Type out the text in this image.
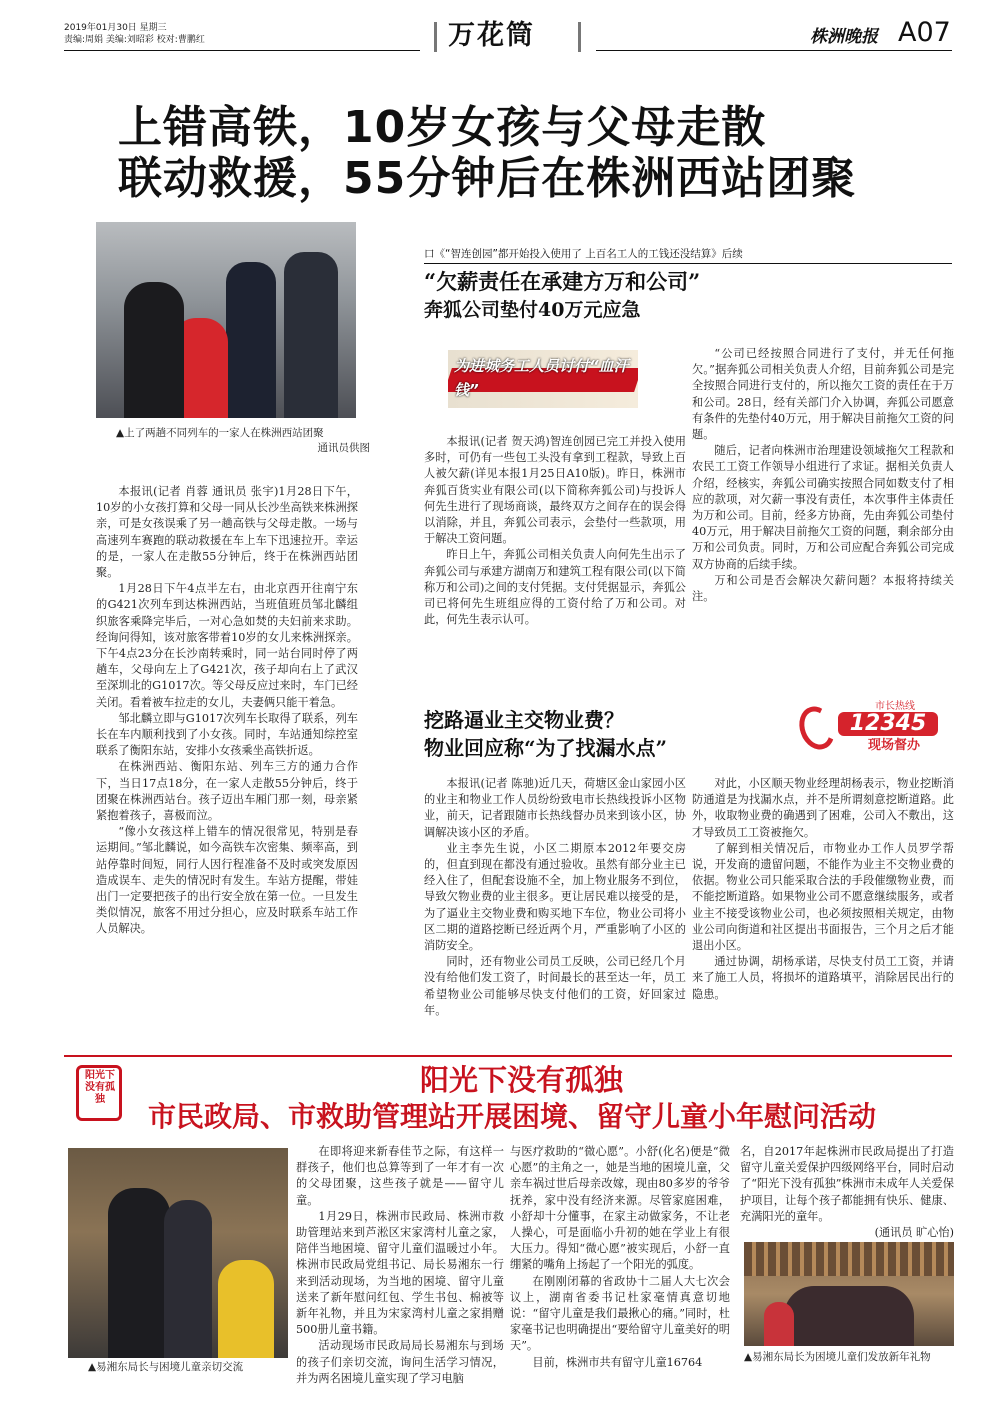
2019年01月30日 星期三
责编:周娟 美编:刘昭彩 校对:曹鹏红	万花筒	株洲晚报 A07
上错高铁，10岁女孩与父母走散
联动救援，55分钟后在株洲西站团聚
▲上了两趟不同列车的一家人在株洲西站团聚
通讯员供图

本报讯(记者 肖蓉 通讯员 张宇)1月28日下午，10岁的小女孩打算和父母一同从长沙坐高铁来株洲探亲，可是女孩误乘了另一趟高铁与父母走散。一场与高速列车赛跑的联动救援在车上车下迅速拉开。幸运的是，一家人在走散55分钟后，终于在株洲西站团聚。

1月28日下午4点半左右，由北京西开往南宁东的G421次列车到达株洲西站，当班值班员邹北麟组织旅客乘降完毕后，一对心急如焚的夫妇前来求助。经询问得知，该对旅客带着10岁的女儿来株洲探亲。下午4点23分在长沙南转乘时，同一站台同时停了两趟车，父母向左上了G421次，孩子却向右上了武汉至深圳北的G1017次。等父母反应过来时，车门已经关闭。看着被车拉走的女儿，夫妻俩只能干着急。

邹北麟立即与G1017次列车长取得了联系，列车长在车内顺利找到了小女孩。同时，车站通知综控室联系了衡阳东站，安排小女孩乘坐高铁折返。

在株洲西站、衡阳东站、列车三方的通力合作下，当日17点18分，在一家人走散55分钟后，终于团聚在株洲西站台。孩子迈出车厢门那一刻，母亲紧紧抱着孩子，喜极而泣。

“像小女孩这样上错车的情况很常见，特别是春运期间。”邹北麟说，如今高铁车次密集、频率高，到站停靠时间短，同行人因行程准备不及时或突发原因造成误车、走失的情况时有发生。车站方提醒，带娃出门一定要把孩子的出行安全放在第一位。一旦发生类似情况，旅客不用过分担心，应及时联系车站工作人员解决。

口《“智连创园”都开始投入使用了 上百名工人的工钱还没结算》后续
“欠薪责任在承建方万和公司”
奔狐公司垫付40万元应急
为进城务工人员讨付“血汗钱”

本报讯(记者 贺天鸿)智连创园已完工并投入使用多时，可仍有一些包工头没有拿到工程款，导致上百人被欠薪(详见本报1月25日A10版)。昨日，株洲市奔狐百货实业有限公司(以下简称奔狐公司)与投诉人何先生进行了现场商谈，最终双方之间存在的误会得以消除，并且，奔狐公司表示，会垫付一些款项，用于解决工资问题。

昨日上午，奔狐公司相关负责人向何先生出示了奔狐公司与承建方湖南万和建筑工程有限公司(以下简称万和公司)之间的支付凭据。支付凭据显示，奔狐公司已将何先生班组应得的工资付给了万和公司。对此，何先生表示认可。

“公司已经按照合同进行了支付，并无任何拖欠。”据奔狐公司相关负责人介绍，目前奔狐公司是完全按照合同进行支付的，所以拖欠工资的责任在于万和公司。28日，经有关部门介入协调，奔狐公司愿意有条件的先垫付40万元，用于解决目前拖欠工资的问题。

随后，记者向株洲市治理建设领域拖欠工程款和农民工工资工作领导小组进行了求证。据相关负责人介绍，经核实，奔狐公司确实按照合同如数支付了相应的款项，对欠薪一事没有责任，本次事件主体责任为万和公司。目前，经多方协商，先由奔狐公司垫付40万元，用于解决目前拖欠工资的问题，剩余部分由万和公司负责。同时，万和公司应配合奔狐公司完成双方协商的后续手续。

万和公司是否会解决欠薪问题？本报将持续关注。

挖路逼业主交物业费？
物业回应称“为了找漏水点”
市长热线
12345
现场督办

本报讯(记者 陈驰)近几天，荷塘区金山家园小区的业主和物业工作人员纷纷致电市长热线投诉小区物业，前天，记者跟随市长热线督办员来到该小区，协调解决该小区的矛盾。

业主李先生说，小区二期原本2012年要交房的，但直到现在都没有通过验收。虽然有部分业主已经入住了，但配套设施不全，加上物业服务不到位，导致欠物业费的业主很多。更让居民难以接受的是，为了逼业主交物业费和购买地下车位，物业公司将小区二期的道路挖断已经近两个月，严重影响了小区的消防安全。

同时，还有物业公司员工反映，公司已经几个月没有给他们发工资了，时间最长的甚至达一年，员工希望物业公司能够尽快支付他们的工资，好回家过年。

对此，小区顺天物业经理胡杨表示，物业挖断消防通道是为找漏水点，并不是所谓刻意挖断道路。此外，收取物业费的确遇到了困难，公司入不敷出，这才导致员工工资被拖欠。

了解到相关情况后，市物业办工作人员罗学帮说，开发商的遗留问题，不能作为业主不交物业费的依据。物业公司只能采取合法的手段催缴物业费，而不能挖断道路。如果物业公司不愿意继续服务，或者业主不接受该物业公司，也必须按照相关规定，由物业公司向街道和社区提出书面报告，三个月之后才能退出小区。

通过协调，胡杨承诺，尽快支付员工工资，并请来了施工人员，将损坏的道路填平，消除居民出行的隐患。

阳光下没有孤独
阳光下没有孤独
市民政局、市救助管理站开展困境、留守儿童小年慰问活动
▲易湘东局长与困境儿童亲切交流

在即将迎来新春佳节之际，有这样一群孩子，他们也总算等到了一年才有一次的父母团聚，这些孩子就是——留守儿童。

1月29日，株洲市民政局、株洲市救助管理站来到芦淞区宋家湾村儿童之家，陪伴当地困境、留守儿童们温暖过小年。株洲市民政局党组书记、局长易湘东一行来到活动现场，为当地的困境、留守儿童送来了新年慰问红包、学生书包、棉被等新年礼物，并且为宋家湾村儿童之家捐赠500册儿童书籍。

活动现场市民政局局长易湘东与到场的孩子们亲切交流，询问生活学习情况，并为两名困境儿童实现了学习电脑

与医疗救助的“微心愿”。小舒(化名)便是“微心愿”的主角之一，她是当地的困境儿童，父亲车祸过世后母亲改嫁，现由80多岁的爷爷抚养，家中没有经济来源。尽管家庭困难，小舒却十分懂事，在家主动做家务，不让老人操心，可是面临小升初的她在学业上有很大压力。得知“微心愿”被实现后，小舒一直绷紧的嘴角上扬起了一个阳光的弧度。

在刚刚闭幕的省政协十二届人大七次会议上，湖南省委书记杜家毫情真意切地说：“留守儿童是我们最揪心的痛。”同时，杜家毫书记也明确提出“要给留守儿童美好的明天”。

目前，株洲市共有留守儿童16764

名，自2017年起株洲市民政局提出了打造留守儿童关爱保护四级网络平台，同时启动了“阳光下没有孤独”株洲市未成年人关爱保护项目，让每个孩子都能拥有快乐、健康、充满阳光的童年。

(通讯员 旷心怡)

▲易湘东局长为困境儿童们发放新年礼物
